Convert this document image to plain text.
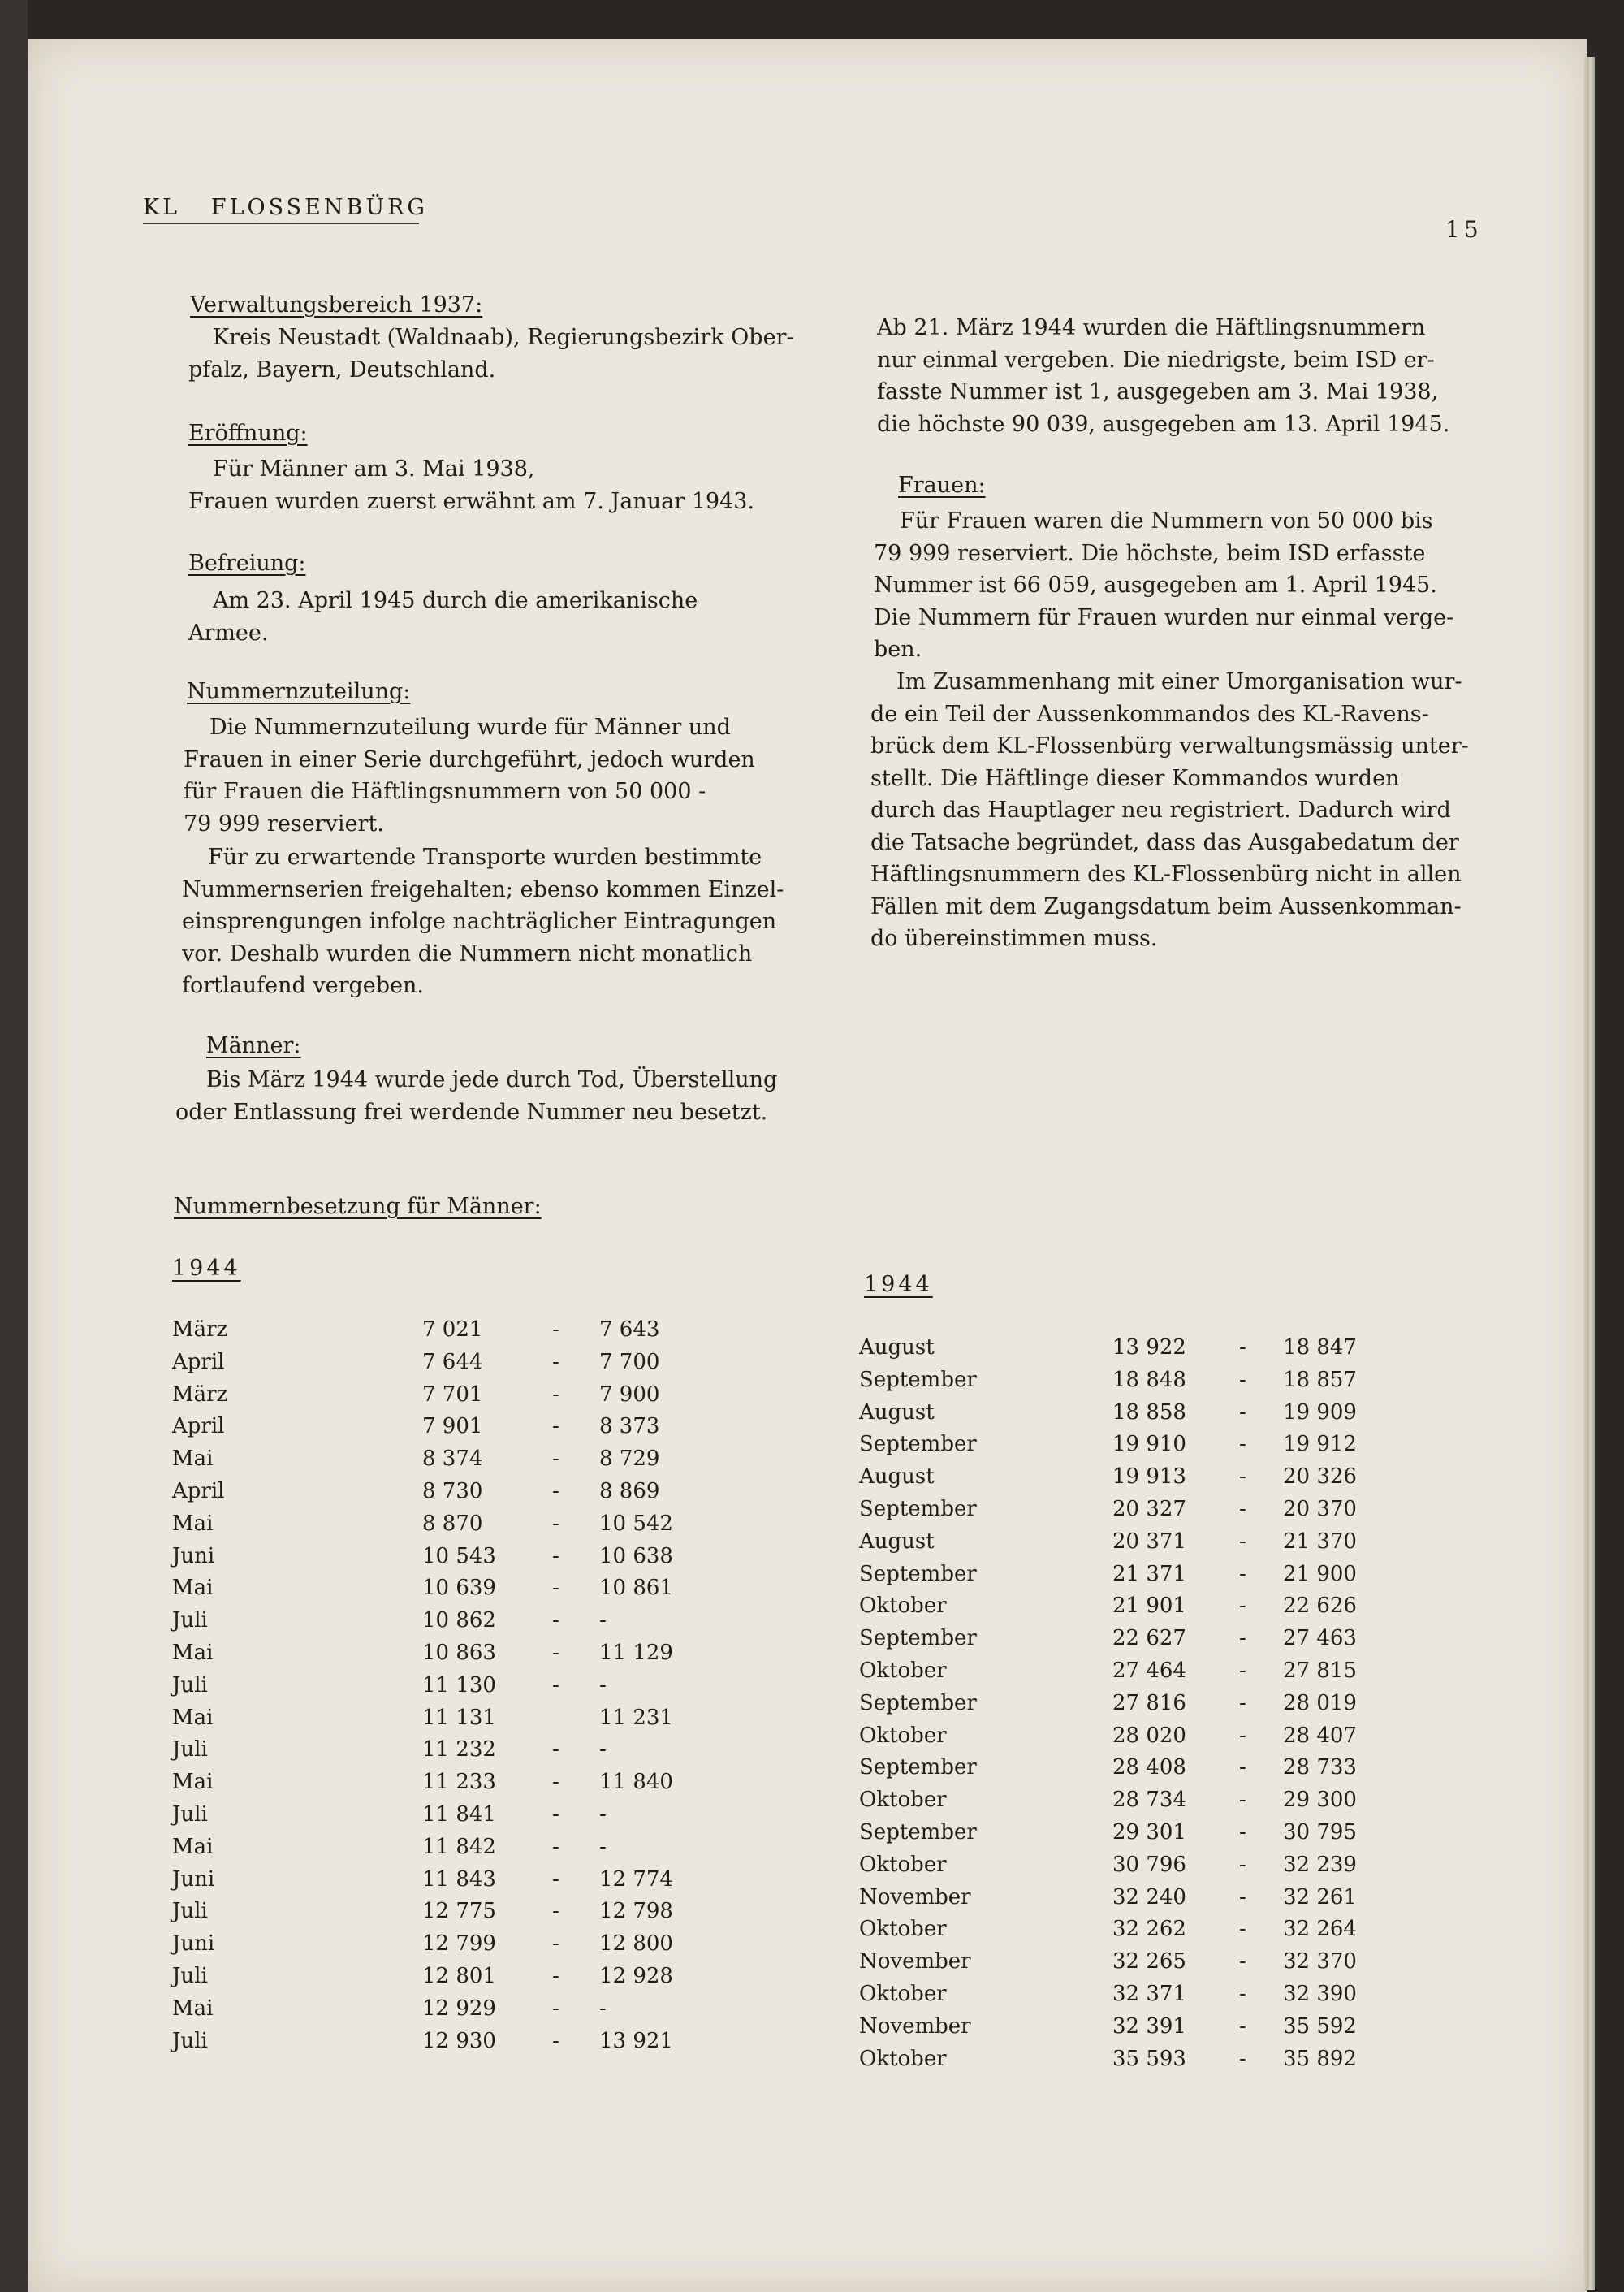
KL   FLOSSENBÜRG
15
Verwaltungsbereich 1937:
Kreis Neustadt (Waldnaab), Regierungsbezirk Ober-
pfalz, Bayern, Deutschland.
Eröffnung:
Für Männer am 3. Mai 1938,
Frauen wurden zuerst erwähnt am 7. Januar 1943.
Befreiung:
Am 23. April 1945 durch die amerikanische
Armee.
Nummernzuteilung:
Die Nummernzuteilung wurde für Männer und
Frauen in einer Serie durchgeführt, jedoch wurden
für Frauen die Häftlingsnummern von 50 000 -
79 999 reserviert.
Für zu erwartende Transporte wurden bestimmte
Nummernserien freigehalten; ebenso kommen Einzel-
einsprengungen infolge nachträglicher Eintragungen
vor. Deshalb wurden die Nummern nicht monatlich
fortlaufend vergeben.
Männer:
Bis März 1944 wurde jede durch Tod, Überstellung
oder Entlassung frei werdende Nummer neu besetzt.
Nummernbesetzung für Männer:
1944
März	7 021	- 7 643
April	7 644	- 7 700
März	7 701	- 7 900
April	7 901	- 8 373
Mai	8 374	- 8 729
April	8 730	- 8 869
Mai	8 870	- 10 542
Juni	10 543	- 10 638
Mai	10 639	- 10 861
Juli	10 862	- -
Mai	10 863	- 11 129
Juli	11 130	- -
Mai	11 131	11 231
Juli	11 232	- -
Mai	11 233	- 11 840
Juli	11 841	- -
Mai	11 842	- -
Juni	11 843	- 12 774
Juli	12 775	- 12 798
Juni	12 799	- 12 800
Juli	12 801	- 12 928
Mai	12 929	- -
Juli	12 930	- 13 921
Ab 21. März 1944 wurden die Häftlingsnummern
nur einmal vergeben. Die niedrigste, beim ISD er-
fasste Nummer ist 1, ausgegeben am 3. Mai 1938,
die höchste 90 039, ausgegeben am 13. April 1945.
Frauen:
Für Frauen waren die Nummern von 50 000 bis
79 999 reserviert. Die höchste, beim ISD erfasste
Nummer ist 66 059, ausgegeben am 1. April 1945.
Die Nummern für Frauen wurden nur einmal verge-
ben.
Im Zusammenhang mit einer Umorganisation wur-
de ein Teil der Aussenkommandos des KL-Ravens-
brück dem KL-Flossenbürg verwaltungsmässig unter-
stellt. Die Häftlinge dieser Kommandos wurden
durch das Hauptlager neu registriert. Dadurch wird
die Tatsache begründet, dass das Ausgabedatum der
Häftlingsnummern des KL-Flossenbürg nicht in allen
Fällen mit dem Zugangsdatum beim Aussenkomman-
do übereinstimmen muss.
1944
August	13 922	- 18 847
September	18 848	- 18 857
August	18 858	- 19 909
September	19 910	- 19 912
August	19 913	- 20 326
September	20 327	- 20 370
August	20 371	- 21 370
September	21 371	- 21 900
Oktober	21 901	- 22 626
September	22 627	- 27 463
Oktober	27 464	- 27 815
September	27 816	- 28 019
Oktober	28 020	- 28 407
September	28 408	- 28 733
Oktober	28 734	- 29 300
September	29 301	- 30 795
Oktober	30 796	- 32 239
November	32 240	- 32 261
Oktober	32 262	- 32 264
November	32 265	- 32 370
Oktober	32 371	- 32 390
November	32 391	- 35 592
Oktober	35 593	- 35 892
